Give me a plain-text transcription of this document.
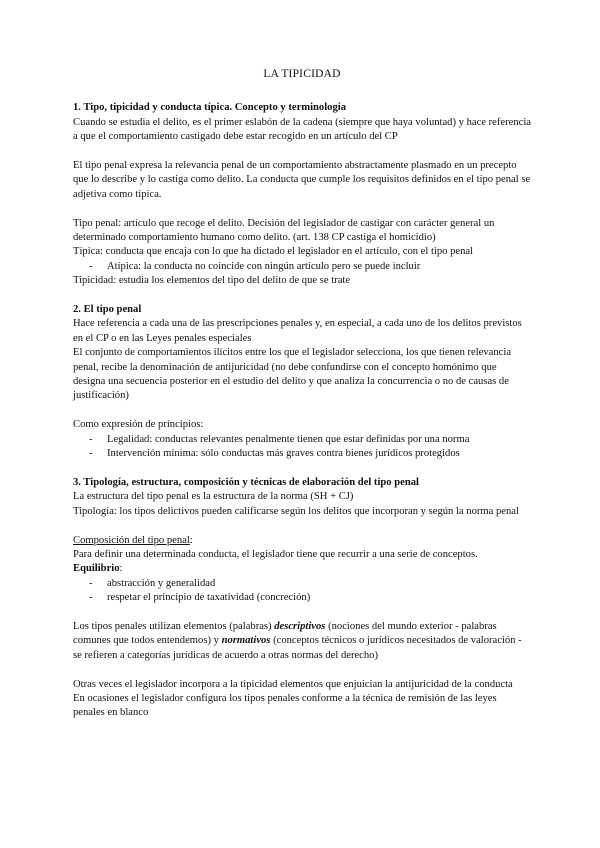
LA TIPICIDAD

1. Tipo, tipicidad y conducta típica. Concepto y terminología

Cuando se estudia el delito, es el primer eslabón de la cadena (siempre que haya voluntad) y hace referencia a que el comportamiento castigado debe estar recogido en un artículo del CP

El tipo penal expresa la relevancia penal de un comportamiento abstractamente plasmado en un precepto que lo describe y lo castiga como delito. La conducta que cumple los requisitos definidos en el tipo penal se adjetiva como típica.

Tipo penal: artículo que recoge el delito. Decisión del legislador de castigar con carácter general un determinado comportamiento humano como delito. (art. 138 CP castiga el homicidio)

Típica: conducta que encaja con lo que ha dictado el legislador en el artículo, con el tipo penal

- Atípica: la conducta no coincide con ningún artículo pero se puede incluir

Tipicidad: estudia los elementos del tipo del delito de que se trate

2. El tipo penal

Hace referencia a cada una de las prescripciones penales y, en especial, a cada uno de los delitos previstos en el CP o en las Leyes penales especiales

El conjunto de comportamientos ilícitos entre los que el legislador selecciona, los que tienen relevancia penal, recibe la denominación de antijuricidad (no debe confundirse con el concepto homónimo que designa una secuencia posterior en el estudio del delito y que analiza la concurrencia o no de causas de justificación)

Como expresión de principios:

- Legalidad: conductas relevantes penalmente tienen que estar definidas por una norma
- Intervención mínima: sólo conductas más graves contra bienes jurídicos protegidos

3. Tipología, estructura, composición y técnicas de elaboración del tipo penal

La estructura del tipo penal es la estructura de la norma (SH + CJ)

Tipología: los tipos delictivos pueden calificarse según los delitos que incorporan y según la norma penal

Composición del tipo penal:

Para definir una determinada conducta, el legislador tiene que recurrir a una serie de conceptos.

Equilibrio:

- abstracción y generalidad
- respetar el principio de taxatividad (concreción)

Los tipos penales utilizan elementos (palabras) descriptivos (nociones del mundo exterior - palabras comunes que todos entendemos) y normativos (conceptos técnicos o jurídicos necesitados de valoración - se refieren a categorías jurídicas de acuerdo a otras normas del derecho)

Otras veces el legislador incorpora a la tipicidad elementos que enjuician la antijuricidad de la conducta

En ocasiones el legislador configura los tipos penales conforme a la técnica de remisión de las leyes penales en blanco
